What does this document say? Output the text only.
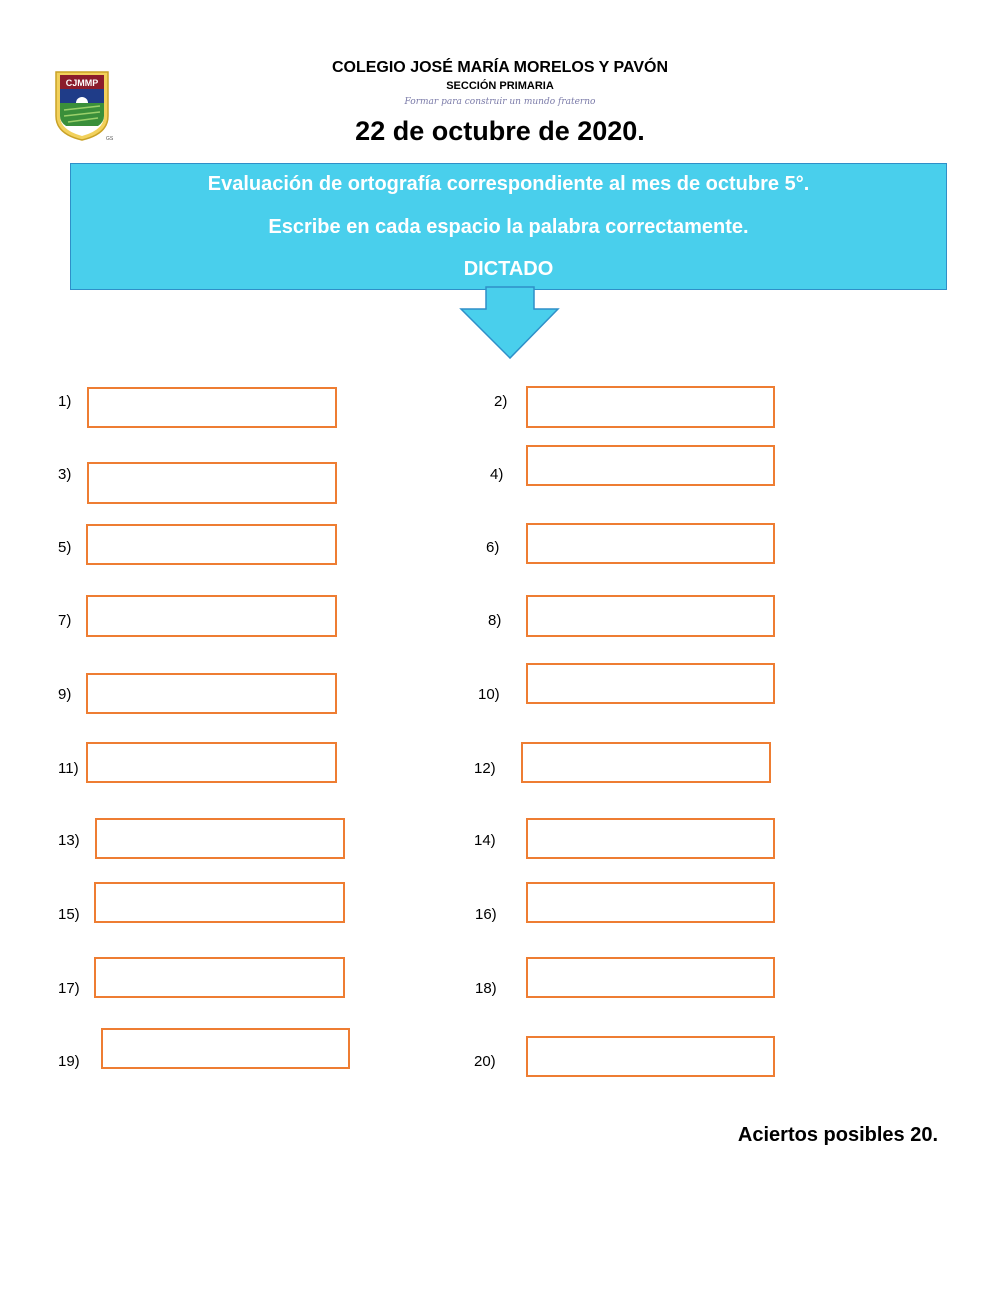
CJMMP
GS
COLEGIO JOSÉ MARÍA MORELOS Y PAVÓN
SECCIÓN PRIMARIA
Formar para construir un mundo fraterno
22 de octubre de 2020.
Evaluación de ortografía correspondiente al mes de octubre 5°.
Escribe en cada espacio la palabra correctamente.
DICTADO
1)	2)
3)	4)
5)	6)
7)	8)
9)	10)
11)	12)
13)	14)
15)	16)
17)	18)
19)	20)
Aciertos posibles 20.
